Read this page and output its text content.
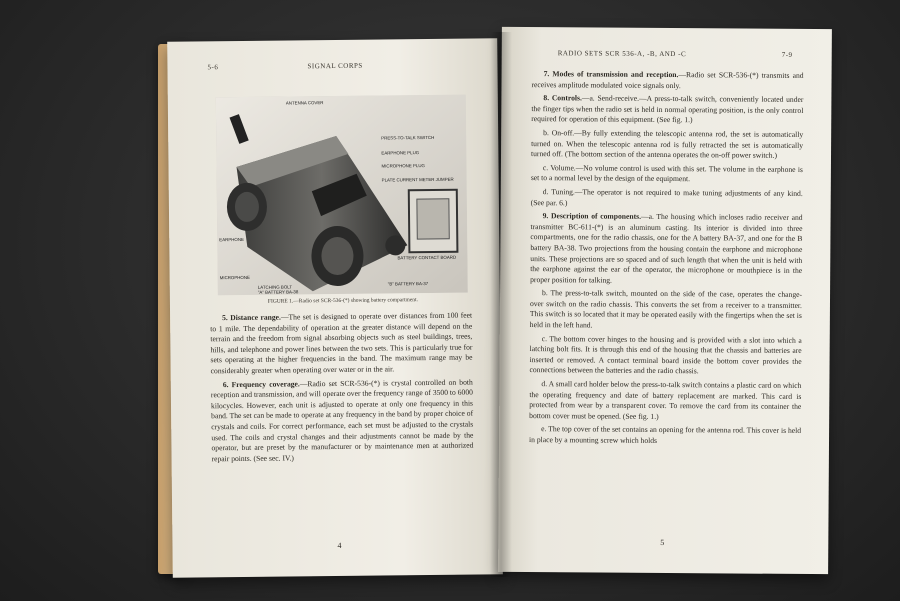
5-6	SIGNAL CORPS
ANTENNA COVER
PRESS-TO-TALK SWITCH
EARPHONE PLUG
MICROPHONE PLUG
PLATE CURRENT METER JUMPER
EARPHONE
MICROPHONE
LATCHING BOLT
"A" BATTERY BA-38
BATTERY CONTACT BOARD
"B" BATTERY BA-37
FIGURE 1.—Radio set SCR-536-(*) showing battery compartment.

5. Distance range.—The set is designed to operate over distances from 100 feet to 1 mile. The dependability of operation at the greater distance will depend on the terrain and the freedom from signal absorbing objects such as steel buildings, trees, hills, and telephone and power lines between the two sets. This is particularly true for sets operating at the higher frequencies in the band. The maximum range may be considerably greater when operating over water or in the air.

6. Frequency coverage.—Radio set SCR-536-(*) is crystal controlled on both reception and transmission, and will operate over the frequency range of 3500 to 6000 kilocycles. However, each unit is adjusted to operate at only one frequency in this band. The set can be made to operate at any frequency in the band by proper choice of crystals and coils. For correct performance, each set must be adjusted to the crystals used. The coils and crystal changes and their adjustments cannot be made by the operator, but are preset by the manufacturer or by maintenance men at authorized repair points. (See sec. IV.)

4
RADIO SETS SCR 536-A, -B, AND -C	7-9

7. Modes of transmission and reception.—Radio set SCR-536-(*) transmits and receives amplitude modulated voice signals only.

8. Controls.—a. Send-receive.—A press-to-talk switch, conveniently located under the finger tips when the radio set is held in normal operating position, is the only control required for operation of this equipment. (See fig. 1.)

b. On-off.—By fully extending the telescopic antenna rod, the set is automatically turned on. When the telescopic antenna rod is fully retracted the set is automatically turned off. (The bottom section of the antenna operates the on-off power switch.)

c. Volume.—No volume control is used with this set. The volume in the earphone is set to a normal level by the design of the equipment.

d. Tuning.—The operator is not required to make tuning adjustments of any kind. (See par. 6.)

9. Description of components.—a. The housing which incloses radio receiver and transmitter BC-611-(*) is an aluminum casting. Its interior is divided into three compartments, one for the radio chassis, one for the A battery BA-37, and one for the B battery BA-38. Two projections from the housing contain the earphone and microphone units. These projections are so spaced and of such length that when the unit is held with the earphone against the ear of the operator, the microphone or mouthpiece is in the proper position for talking.

b. The press-to-talk switch, mounted on the side of the case, operates the change-over switch on the radio chassis. This converts the set from a receiver to a transmitter. This switch is so located that it may be operated easily with the fingertips when the set is held in the left hand.

c. The bottom cover hinges to the housing and is provided with a slot into which a latching bolt fits. It is through this end of the housing that the chassis and batteries are inserted or removed. A contact terminal board inside the bottom cover provides the connections between the batteries and the radio chassis.

d. A small card holder below the press-to-talk switch contains a plastic card on which the operating frequency and date of battery replacement are marked. This card is protected from wear by a transparent cover. To remove the card from its container the bottom cover must be opened. (See fig. 1.)

e. The top cover of the set contains an opening for the antenna rod. This cover is held in place by a mounting screw which holds

5
